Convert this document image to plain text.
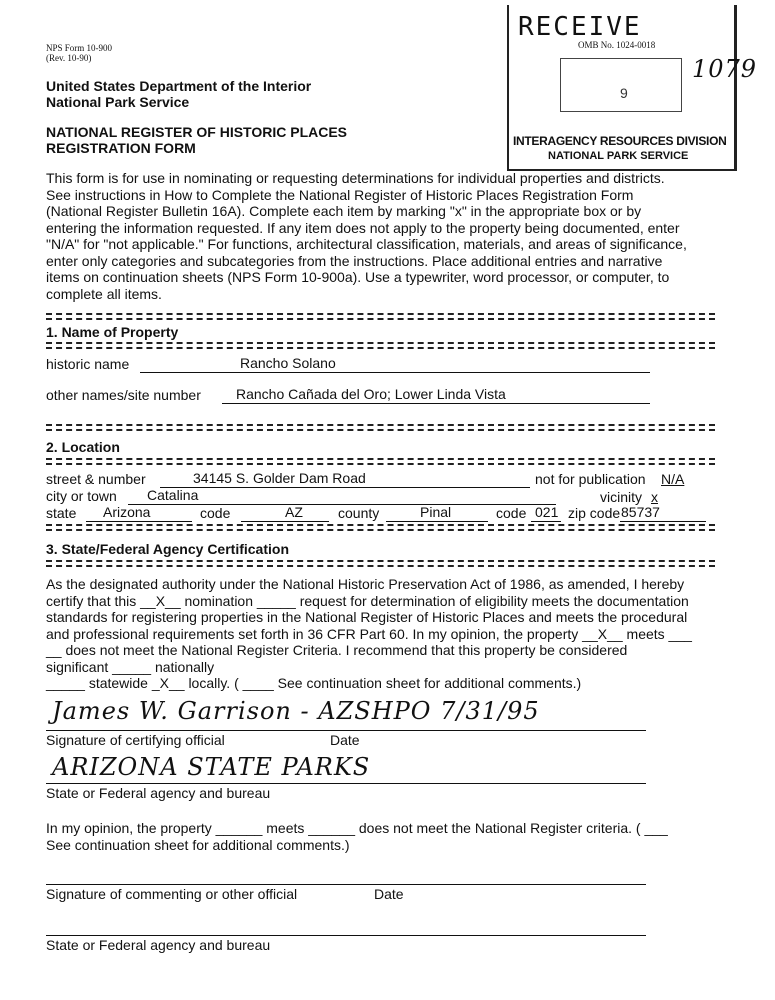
NPS Form 10-900
(Rev. 10-90)
United States Department of the Interior
National Park Service
NATIONAL REGISTER OF HISTORIC PLACES
REGISTRATION FORM
RECEIVE
OMB No. 1024-0018
9
INTERAGENCY RESOURCES DIVISION
NATIONAL PARK SERVICE
1079
This form is for use in nominating or requesting determinations for individual properties and districts.
See instructions in How to Complete the National Register of Historic Places Registration Form
(National Register Bulletin 16A). Complete each item by marking "x" in the appropriate box or by
entering the information requested. If any item does not apply to the property being documented, enter
"N/A" for "not applicable." For functions, architectural classification, materials, and areas of significance,
enter only categories and subcategories from the instructions. Place additional entries and narrative
items on continuation sheets (NPS Form 10-900a). Use a typewriter, word processor, or computer, to
complete all items.
1. Name of Property
historic name	Rancho Solano
other names/site number	Rancho Cañada del Oro; Lower Linda Vista
2. Location
street & number	34145 S. Golder Dam Road	not for publication N/A
city or town Catalina	vicinity x
state Arizona	code	AZ	county	Pinal	code 021 zip code 85737
3. State/Federal Agency Certification
As the designated authority under the National Historic Preservation Act of 1986, as amended, I hereby
certify that this __X__ nomination _____ request for determination of eligibility meets the documentation
standards for registering properties in the National Register of Historic Places and meets the procedural
and professional requirements set forth in 36 CFR Part 60. In my opinion, the property __X__ meets ___
__ does not meet the National Register Criteria. I recommend that this property be considered
significant _____ nationally
_____ statewide _X__ locally. ( ____ See continuation sheet for additional comments.)
James W. Garrison - AZSHPO 7/31/95
Signature of certifying official	Date
ARIZONA STATE PARKS
State or Federal agency and bureau
In my opinion, the property ______ meets ______ does not meet the National Register criteria. ( ___
See continuation sheet for additional comments.)
Signature of commenting or other official	Date
State or Federal agency and bureau
